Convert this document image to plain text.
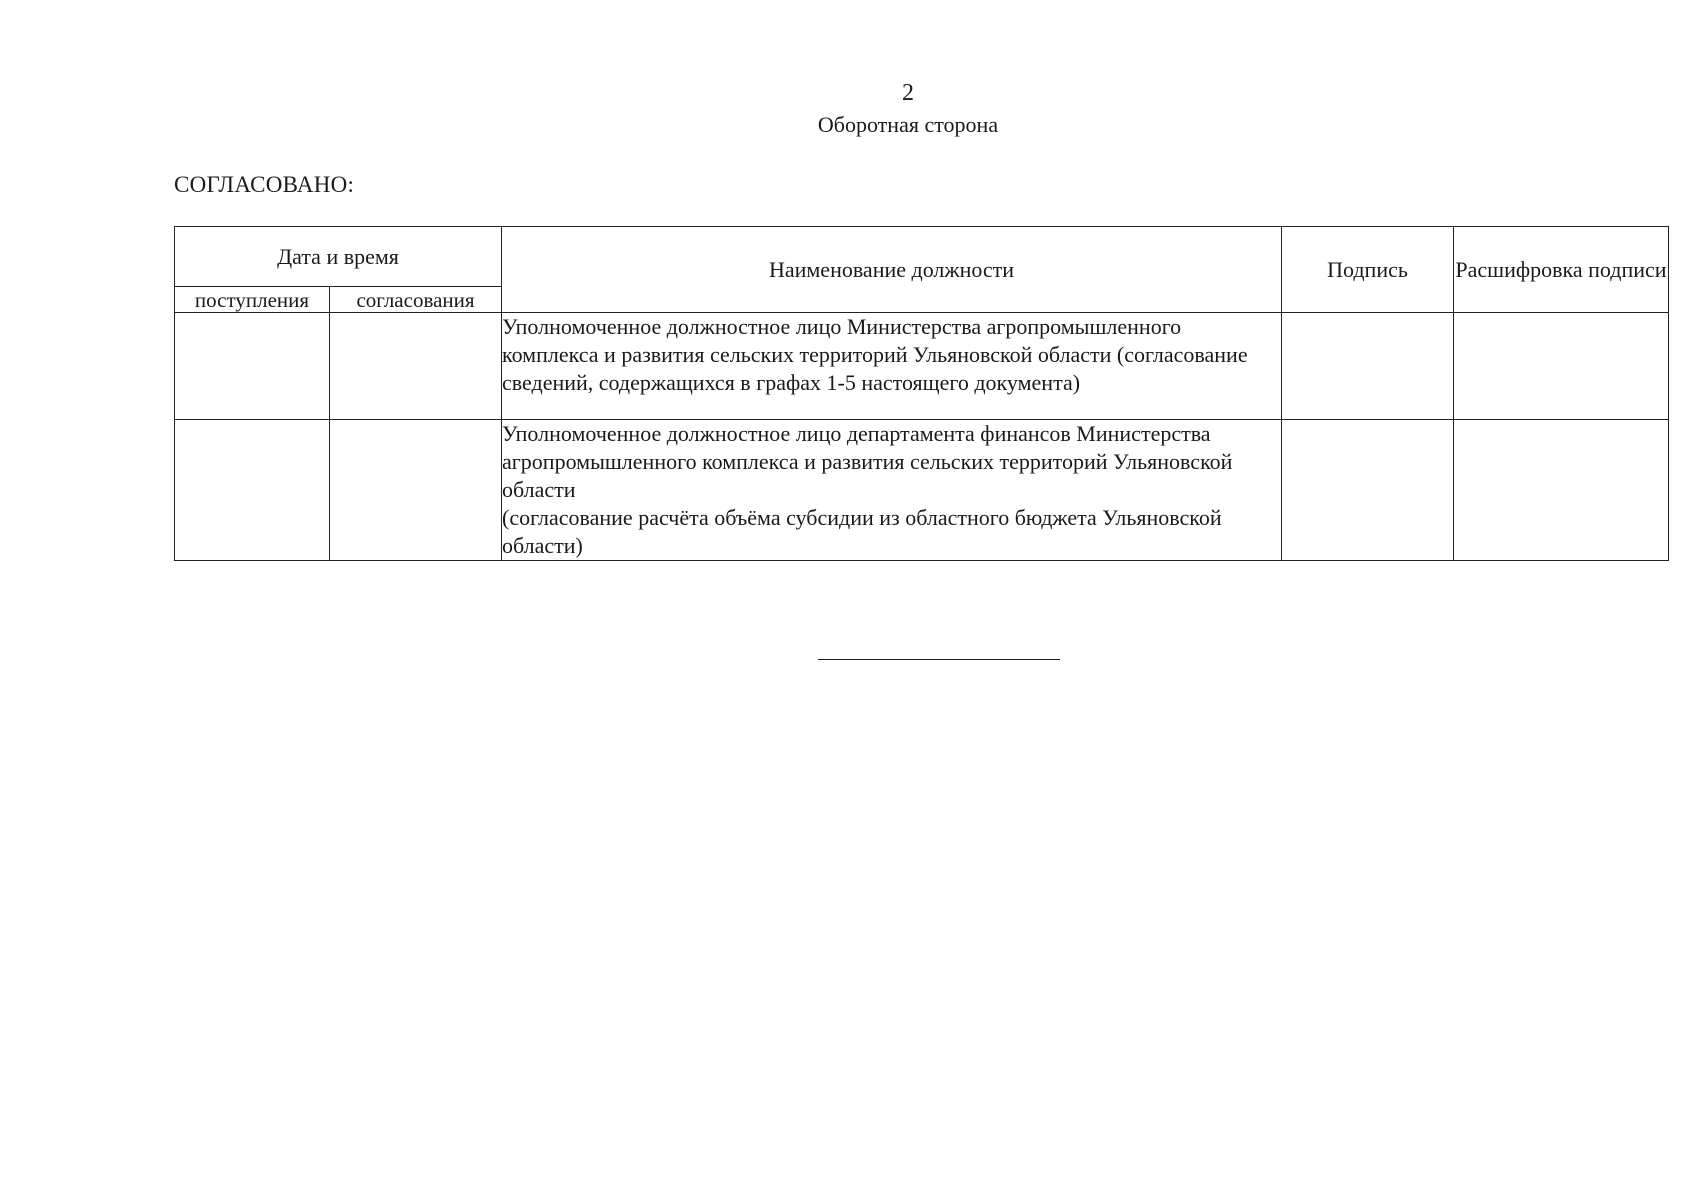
2
Оборотная сторона
СОГЛАСОВАНО:
Дата и время		Наименование должности	Подпись	Расшифровка подписи
поступления	согласования			
		Уполномоченное должностное лицо Министерства агропромышленного комплекса и развития сельских территорий Ульяновской области (согласование сведений, содержащихся в графах 1-5 настоящего документа)		
		Уполномоченное должностное лицо департамента финансов Министерства агропромышленного комплекса и развития сельских территорий Ульяновской области
(согласование расчёта объёма субсидии из областного бюджета Ульяновской области)		
